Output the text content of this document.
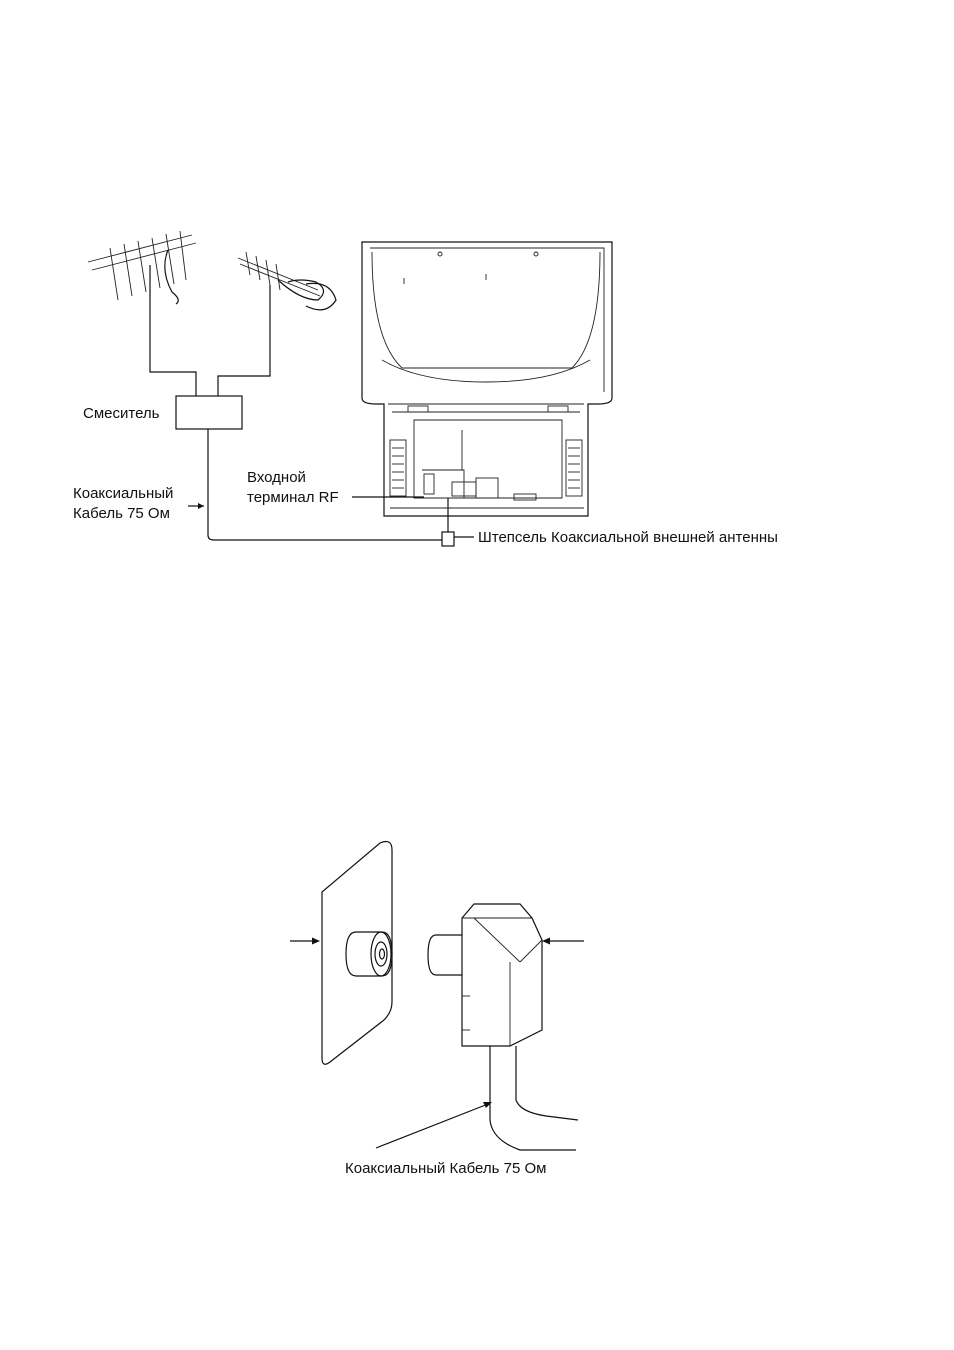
Смеситель
Входной
терминал RF
Коаксиальный
Кабель 75 Ом
Штепсель Коаксиальной внешней антенны
Коаксиальный Кабель 75 Ом
